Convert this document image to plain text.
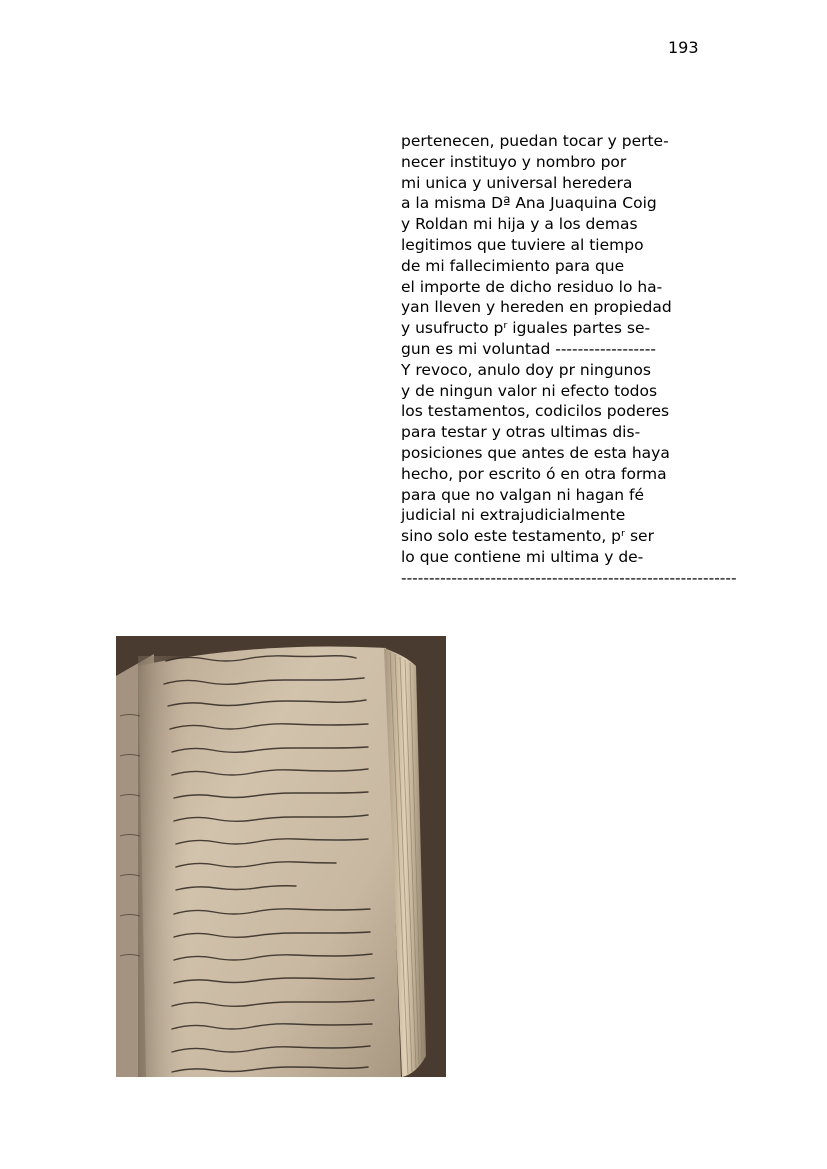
193
pertenecen, puedan tocar y perte-
necer instituyo y nombro por
mi unica y universal heredera
a la misma Dª Ana Juaquina Coig
y Roldan mi hija y a los demas
legitimos que tuviere al tiempo
de mi fallecimiento para que
el importe de dicho residuo lo ha-
yan lleven y hereden en propiedad
y usufructo pʳ iguales partes se-
gun es mi voluntad ------------------
Y revoco, anulo doy pr ningunos
y de ningun valor ni efecto todos
los testamentos, codicilos poderes
para testar y otras ultimas dis-
posiciones que antes de esta haya
hecho, por escrito ó en otra forma
para que no valgan ni hagan fé
judicial ni extrajudicialmente
sino solo este testamento, pʳ ser
lo que contiene mi ultima y de-
------------------------------------------------------------
